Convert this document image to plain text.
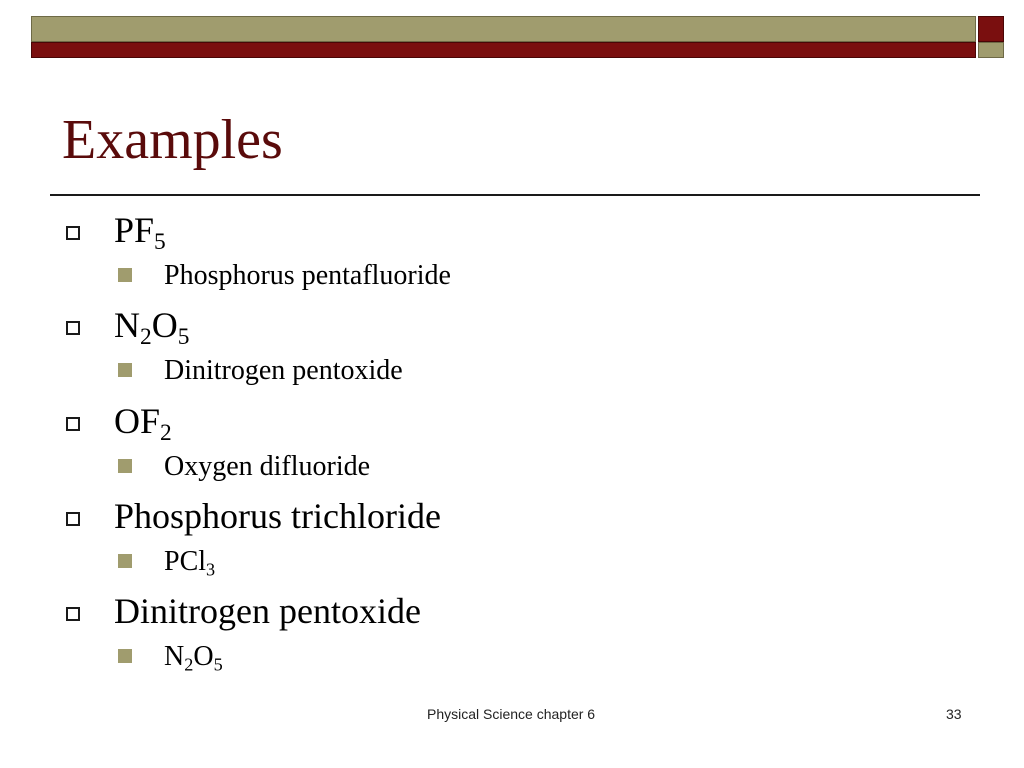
Examples
$PF_5$
Phosphorus pentafluoride
$N_2O_5$
Dinitrogen pentoxide
$OF_2$
Oxygen difluoride
Phosphorus trichloride
PCl$_3$
Dinitrogen pentoxide
$N_2O_5$
Physical Science chapter 6	33
